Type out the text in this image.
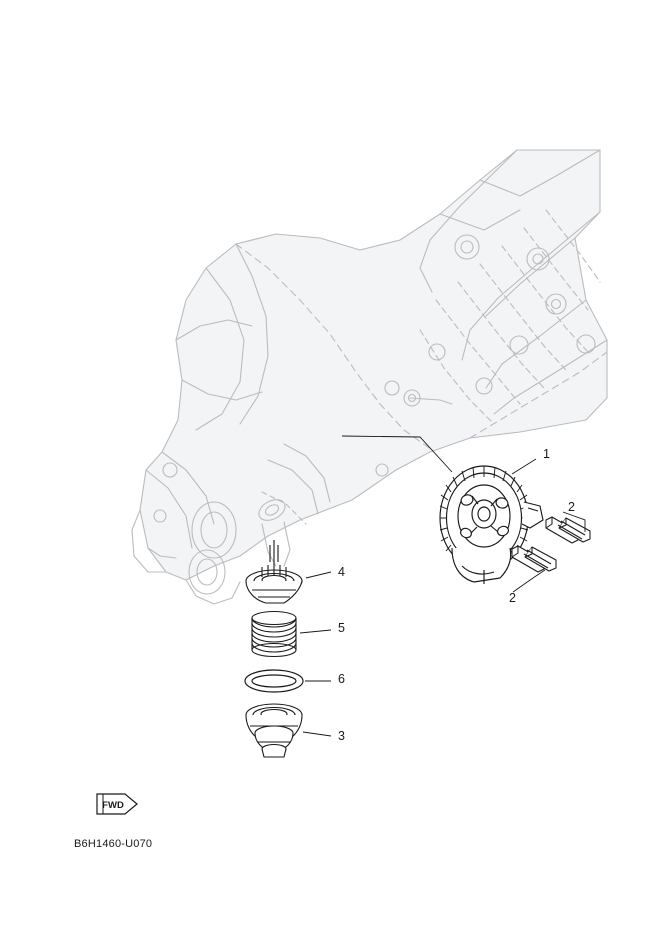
1
2
2
4
5
6
3
FWD
B6H1460-U070
